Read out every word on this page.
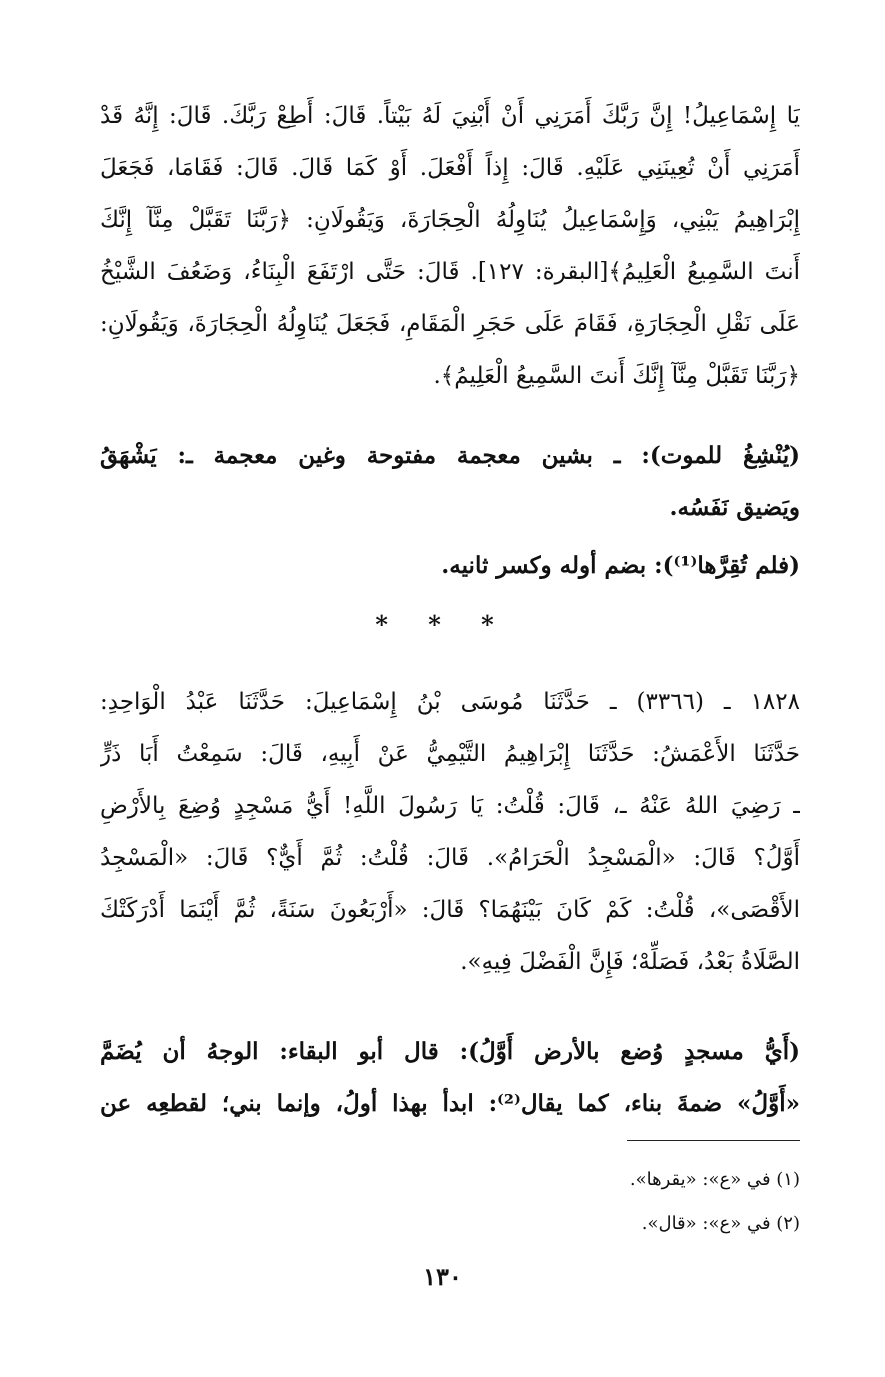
يَا إِسْمَاعِيلُ! إِنَّ رَبَّكَ أَمَرَنِي أَنْ أَبْنِيَ لَهُ بَيْتاً. قَالَ: أَطِعْ رَبَّكَ. قَالَ: إِنَّهُ قَدْ
أَمَرَنِي أَنْ تُعِينَنِي عَلَيْهِ. قَالَ: إِذاً أَفْعَلَ. أَوْ كَمَا قَالَ. قَالَ: فَقَامَا، فَجَعَلَ
إِبْرَاهِيمُ يَبْنِي، وَإِسْمَاعِيلُ يُنَاوِلُهُ الْحِجَارَةَ، وَيَقُولَانِ: ﴿رَبَّنَا تَقَبَّلْ مِنَّآ إِنَّكَ
أَنتَ السَّمِيعُ الْعَلِيمُ﴾[البقرة: ١٢٧]. قَالَ: حَتَّى ارْتَفَعَ الْبِنَاءُ، وَضَعُفَ الشَّيْخُ
عَلَى نَقْلِ الْحِجَارَةِ، فَقَامَ عَلَى حَجَرِ الْمَقَامِ، فَجَعَلَ يُنَاوِلُهُ الْحِجَارَةَ، وَيَقُولَانِ:
﴿رَبَّنَا تَقَبَّلْ مِنَّآ إِنَّكَ أَنتَ السَّمِيعُ الْعَلِيمُ﴾.
(يُنْشِغُ للموت): ـ بشين معجمة مفتوحة وغين معجمة ـ: يَشْهَقُ
ويَضيق نَفَسُه.
(فلم تُقِرَّها⁽¹⁾): بضم أوله وكسر ثانيه.
* * *
١٨٢٨ ـ (٣٣٦٦) ـ حَدَّثَنَا مُوسَى بْنُ إِسْمَاعِيلَ: حَدَّثَنَا عَبْدُ الْوَاحِدِ:
حَدَّثَنَا الأَعْمَشُ: حَدَّثَنَا إِبْرَاهِيمُ التَّيْمِيُّ عَنْ أَبِيهِ، قَالَ: سَمِعْتُ أَبَا ذَرٍّ
ـ رَضِيَ اللهُ عَنْهُ ـ، قَالَ: قُلْتُ: يَا رَسُولَ اللَّهِ! أَيُّ مَسْجِدٍ وُضِعَ بِالأَرْضِ
أَوَّلُ؟ قَالَ: «الْمَسْجِدُ الْحَرَامُ». قَالَ: قُلْتُ: ثُمَّ أَيٌّ؟ قَالَ: «الْمَسْجِدُ
الأَقْصَى»، قُلْتُ: كَمْ كَانَ بَيْنَهُمَا؟ قَالَ: «أَرْبَعُونَ سَنَةً، ثُمَّ أَيْنَمَا أَدْرَكَتْكَ
الصَّلَاةُ بَعْدُ، فَصَلِّهْ؛ فَإِنَّ الْفَضْلَ فِيهِ».
(أَيُّ مسجدٍ وُضع بالأرض أَوَّلُ): قال أبو البقاء: الوجهُ أن يُضَمَّ
«أَوَّلُ» ضمةَ بناء، كما يقال⁽²⁾: ابدأ بهذا أولُ، وإنما بني؛ لقطعِه عن
(١) في «ع»: «يقرها».
(٢) في «ع»: «قال».
١٣٠
